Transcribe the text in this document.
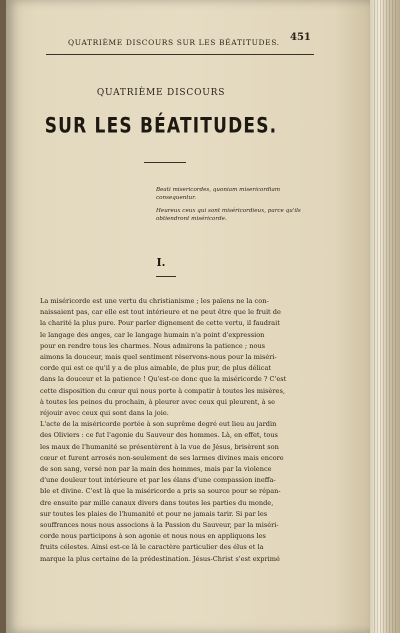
QUATRIÈME DISCOURS SUR LES BÉATITUDES. 451
QUATRIÈME DISCOURS
SUR LES BÉATITUDES.
Beati misericordes, quoniam misericordiam consequentur.
Heureux ceux qui sont miséricordieux, parce qu'ils obtiendront miséricorde.
I.
La miséricorde est une vertu du christianisme ; les païens ne la con-
naissaient pas, car elle est tout intérieure et ne peut être que le fruit de
la charité la plus pure. Pour parler dignement de cette vertu, il faudrait
le langage des anges, car le langage humain n'a point d'expression
pour en rendre tous les charmes. Nous admirons la patience ; nous
aimons la douceur, mais quel sentiment réservons-nous pour la miséri-
corde qui est ce qu'il y a de plus aimable, de plus pur, de plus délicat
dans la douceur et la patience ! Qu'est-ce donc que la miséricorde ? C'est
cette disposition du cœur qui nous porte à compatir à toutes les misères,
à toutes les peines du prochain, à pleurer avec ceux qui pleurent, à se
réjouir avec ceux qui sont dans la joie.
L'acte de la miséricorde portée à son suprême degré eut lieu au jardin
des Oliviers : ce fut l'agonie du Sauveur des hommes. Là, en effet, tous
les maux de l'humanité se présentèrent à la vue de Jésus, brisèrent son
cœur et furent arrosés non-seulement de ses larmes divines mais encore
de son sang, versé non par la main des hommes, mais par la violence
d'une douleur tout intérieure et par les élans d'une compassion ineffa-
ble et divine. C'est là que la miséricorde a pris sa source pour se répan-
dre ensuite par mille canaux divers dans toutes les parties du monde,
sur toutes les plaies de l'humanité et pour ne jamais tarir. Si par les
souffrances nous nous associons à la Passion du Sauveur, par la miséri-
corde nous participons à son agonie et nous nous en appliquons les
fruits célestes. Ainsi est-ce là le caractère particulier des élus et la
marque la plus certaine de la prédestination. Jésus-Christ s'est exprimé
